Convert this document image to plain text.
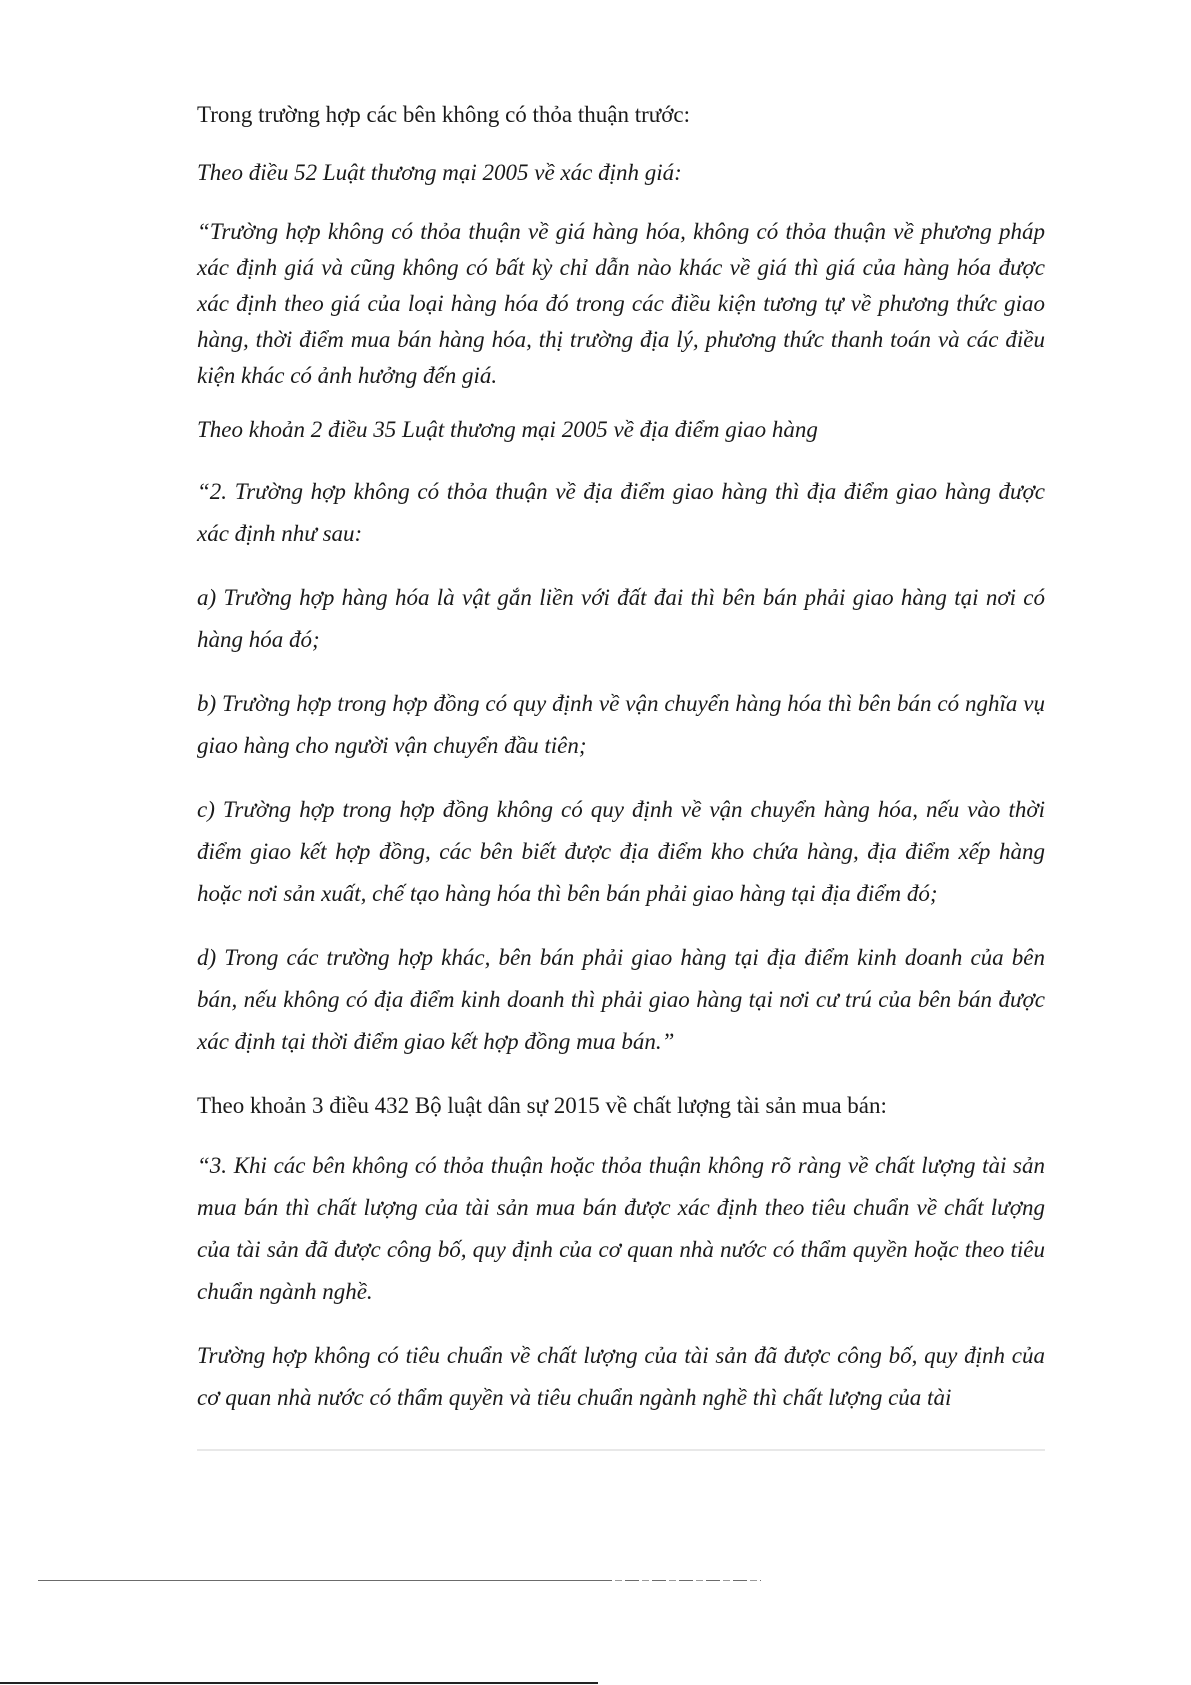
Trong trường hợp các bên không có thỏa thuận trước:

Theo điều 52 Luật thương mại 2005 về xác định giá:

“Trường hợp không có thỏa thuận về giá hàng hóa, không có thỏa thuận về phương pháp xác định giá và cũng không có bất kỳ chỉ dẫn nào khác về giá thì giá của hàng hóa được xác định theo giá của loại hàng hóa đó trong các điều kiện tương tự về phương thức giao hàng, thời điểm mua bán hàng hóa, thị trường địa lý, phương thức thanh toán và các điều kiện khác có ảnh hưởng đến giá.

Theo khoản 2 điều 35 Luật thương mại 2005 về địa điểm giao hàng

“2. Trường hợp không có thỏa thuận về địa điểm giao hàng thì địa điểm giao hàng được xác định như sau:

a) Trường hợp hàng hóa là vật gắn liền với đất đai thì bên bán phải giao hàng tại nơi có hàng hóa đó;

b) Trường hợp trong hợp đồng có quy định về vận chuyển hàng hóa thì bên bán có nghĩa vụ giao hàng cho người vận chuyển đầu tiên;

c) Trường hợp trong hợp đồng không có quy định về vận chuyển hàng hóa, nếu vào thời điểm giao kết hợp đồng, các bên biết được địa điểm kho chứa hàng, địa điểm xếp hàng hoặc nơi sản xuất, chế tạo hàng hóa thì bên bán phải giao hàng tại địa điểm đó;

d) Trong các trường hợp khác, bên bán phải giao hàng tại địa điểm kinh doanh của bên bán, nếu không có địa điểm kinh doanh thì phải giao hàng tại nơi cư trú của bên bán được xác định tại thời điểm giao kết hợp đồng mua bán.”

Theo khoản 3 điều 432 Bộ luật dân sự 2015 về chất lượng tài sản mua bán:

“3. Khi các bên không có thỏa thuận hoặc thỏa thuận không rõ ràng về chất lượng tài sản mua bán thì chất lượng của tài sản mua bán được xác định theo tiêu chuẩn về chất lượng của tài sản đã được công bố, quy định của cơ quan nhà nước có thẩm quyền hoặc theo tiêu chuẩn ngành nghề.

Trường hợp không có tiêu chuẩn về chất lượng của tài sản đã được công bố, quy định của cơ quan nhà nước có thẩm quyền và tiêu chuẩn ngành nghề thì chất lượng của tài
